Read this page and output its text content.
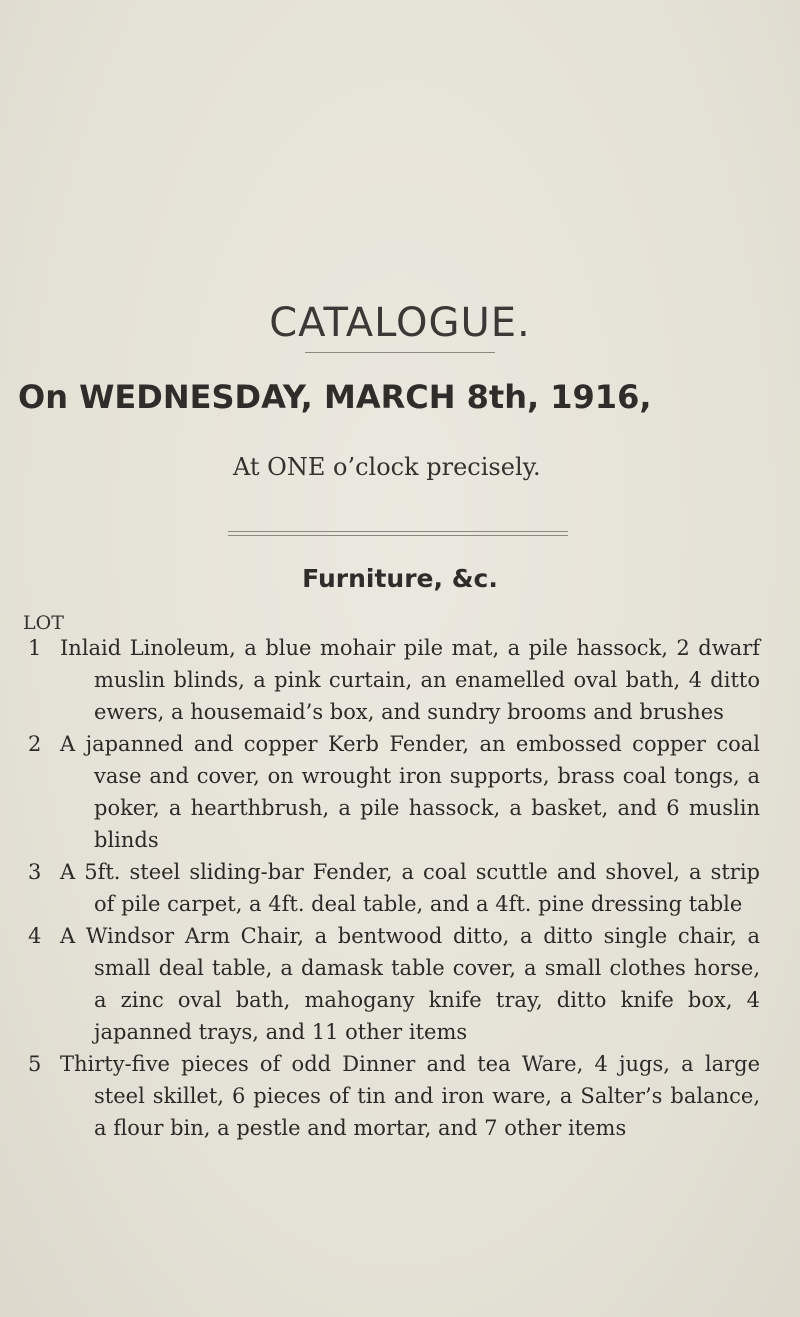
CATALOGUE.

On WEDNESDAY, MARCH 8th, 1916,

At ONE o’clock precisely.

Furniture, &c.
LOT
1 Inlaid Linoleum, a blue mohair pile mat, a pile hassock, 2 dwarf muslin blinds, a pink curtain, an enamelled oval bath, 4 ditto ewers, a housemaid’s box, and sundry brooms and brushes

2 A japanned and copper Kerb Fender, an embossed copper coal vase and cover, on wrought iron supports, brass coal tongs, a poker, a hearthbrush, a pile hassock, a basket, and 6 muslin blinds

3 A 5ft. steel sliding-bar Fender, a coal scuttle and shovel, a strip of pile carpet, a 4ft. deal table, and a 4ft. pine dressing table

4 A Windsor Arm Chair, a bentwood ditto, a ditto single chair, a small deal table, a damask table cover, a small clothes horse, a zinc oval bath, mahogany knife tray, ditto knife box, 4 japanned trays, and 11 other items

5 Thirty-five pieces of odd Dinner and tea Ware, 4 jugs, a large steel skillet, 6 pieces of tin and iron ware, a Salter’s balance, a flour bin, a pestle and mortar, and 7 other items
